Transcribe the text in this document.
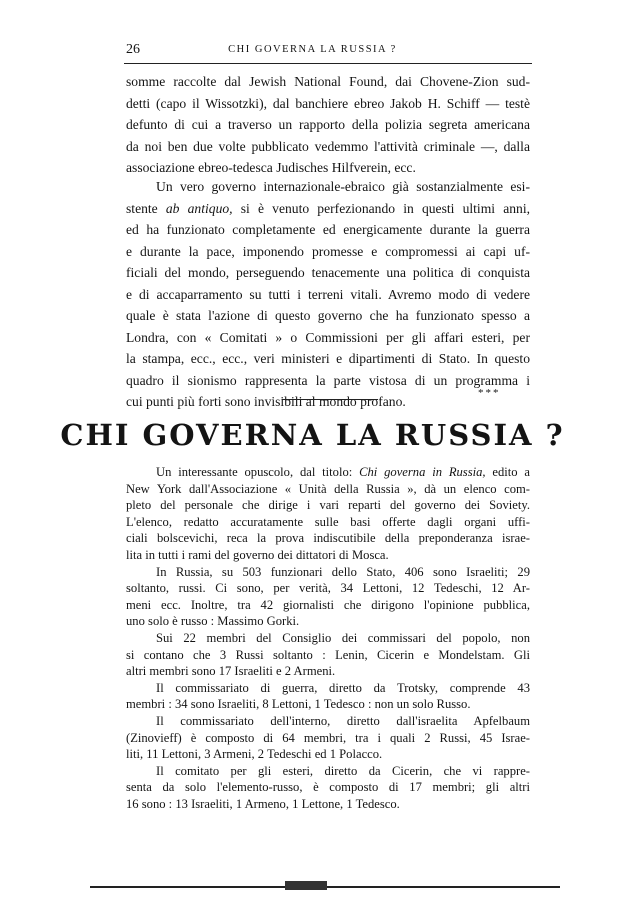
26	CHI GOVERNA LA RUSSIA ?
somme raccolte dal Jewish National Found, dai Chovene-Zion sud-
detti (capo il Wissotzki), dal banchiere ebreo Jakob H. Schiff — testè
defunto di cui a traverso un rapporto della polizia segreta americana
da noi ben due volte pubblicato vedemmo l'attività criminale —, dalla
associazione ebreo-tedesca Judisches Hilfverein, ecc.
Un vero governo internazionale-ebraico già sostanzialmente esi-
stente ab antiquo, si è venuto perfezionando in questi ultimi anni,
ed ha funzionato completamente ed energicamente durante la guerra
e durante la pace, imponendo promesse e compromessi ai capi uf-
ficiali del mondo, perseguendo tenacemente una politica di conquista
e di accaparramento su tutti i terreni vitali. Avremo modo di vedere
quale è stata l'azione di questo governo che ha funzionato spesso a
Londra, con « Comitati » o Commissioni per gli affari esteri, per
la stampa, ecc., ecc., veri ministeri e dipartimenti di Stato. In questo
quadro il sionismo rappresenta la parte vistosa di un programma i
cui punti più forti sono invisibili al mondo profano.
***
CHI GOVERNA LA RUSSIA ?
Un interessante opuscolo, dal titolo: Chi governa in Russia, edito a
New York dall'Associazione « Unità della Russia », dà un elenco com-
pleto del personale che dirige i vari reparti del governo dei Soviety.
L'elenco, redatto accuratamente sulle basi offerte dagli organi uffi-
ciali bolscevichi, reca la prova indiscutibile della preponderanza israe-
lita in tutti i rami del governo dei dittatori di Mosca.
In Russia, su 503 funzionari dello Stato, 406 sono Israeliti; 29
soltanto, russi. Ci sono, per verità, 34 Lettoni, 12 Tedeschi, 12 Ar-
meni ecc. Inoltre, tra 42 giornalisti che dirigono l'opinione pubblica,
uno solo è russo : Massimo Gorki.
Sui 22 membri del Consiglio dei commissari del popolo, non
si contano che 3 Russi soltanto : Lenin, Cicerin e Mondelstam. Gli
altri membri sono 17 Israeliti e 2 Armeni.
Il commissariato di guerra, diretto da Trotsky, comprende 43
membri : 34 sono Israeliti, 8 Lettoni, 1 Tedesco : non un solo Russo.
Il commissariato dell'interno, diretto dall'israelita Apfelbaum
(Zinovieff) è composto di 64 membri, tra i quali 2 Russi, 45 Israe-
liti, 11 Lettoni, 3 Armeni, 2 Tedeschi ed 1 Polacco.
Il comitato per gli esteri, diretto da Cicerin, che vi rappre-
senta da solo l'elemento-russo, è composto di 17 membri; gli altri
16 sono : 13 Israeliti, 1 Armeno, 1 Lettone, 1 Tedesco.
